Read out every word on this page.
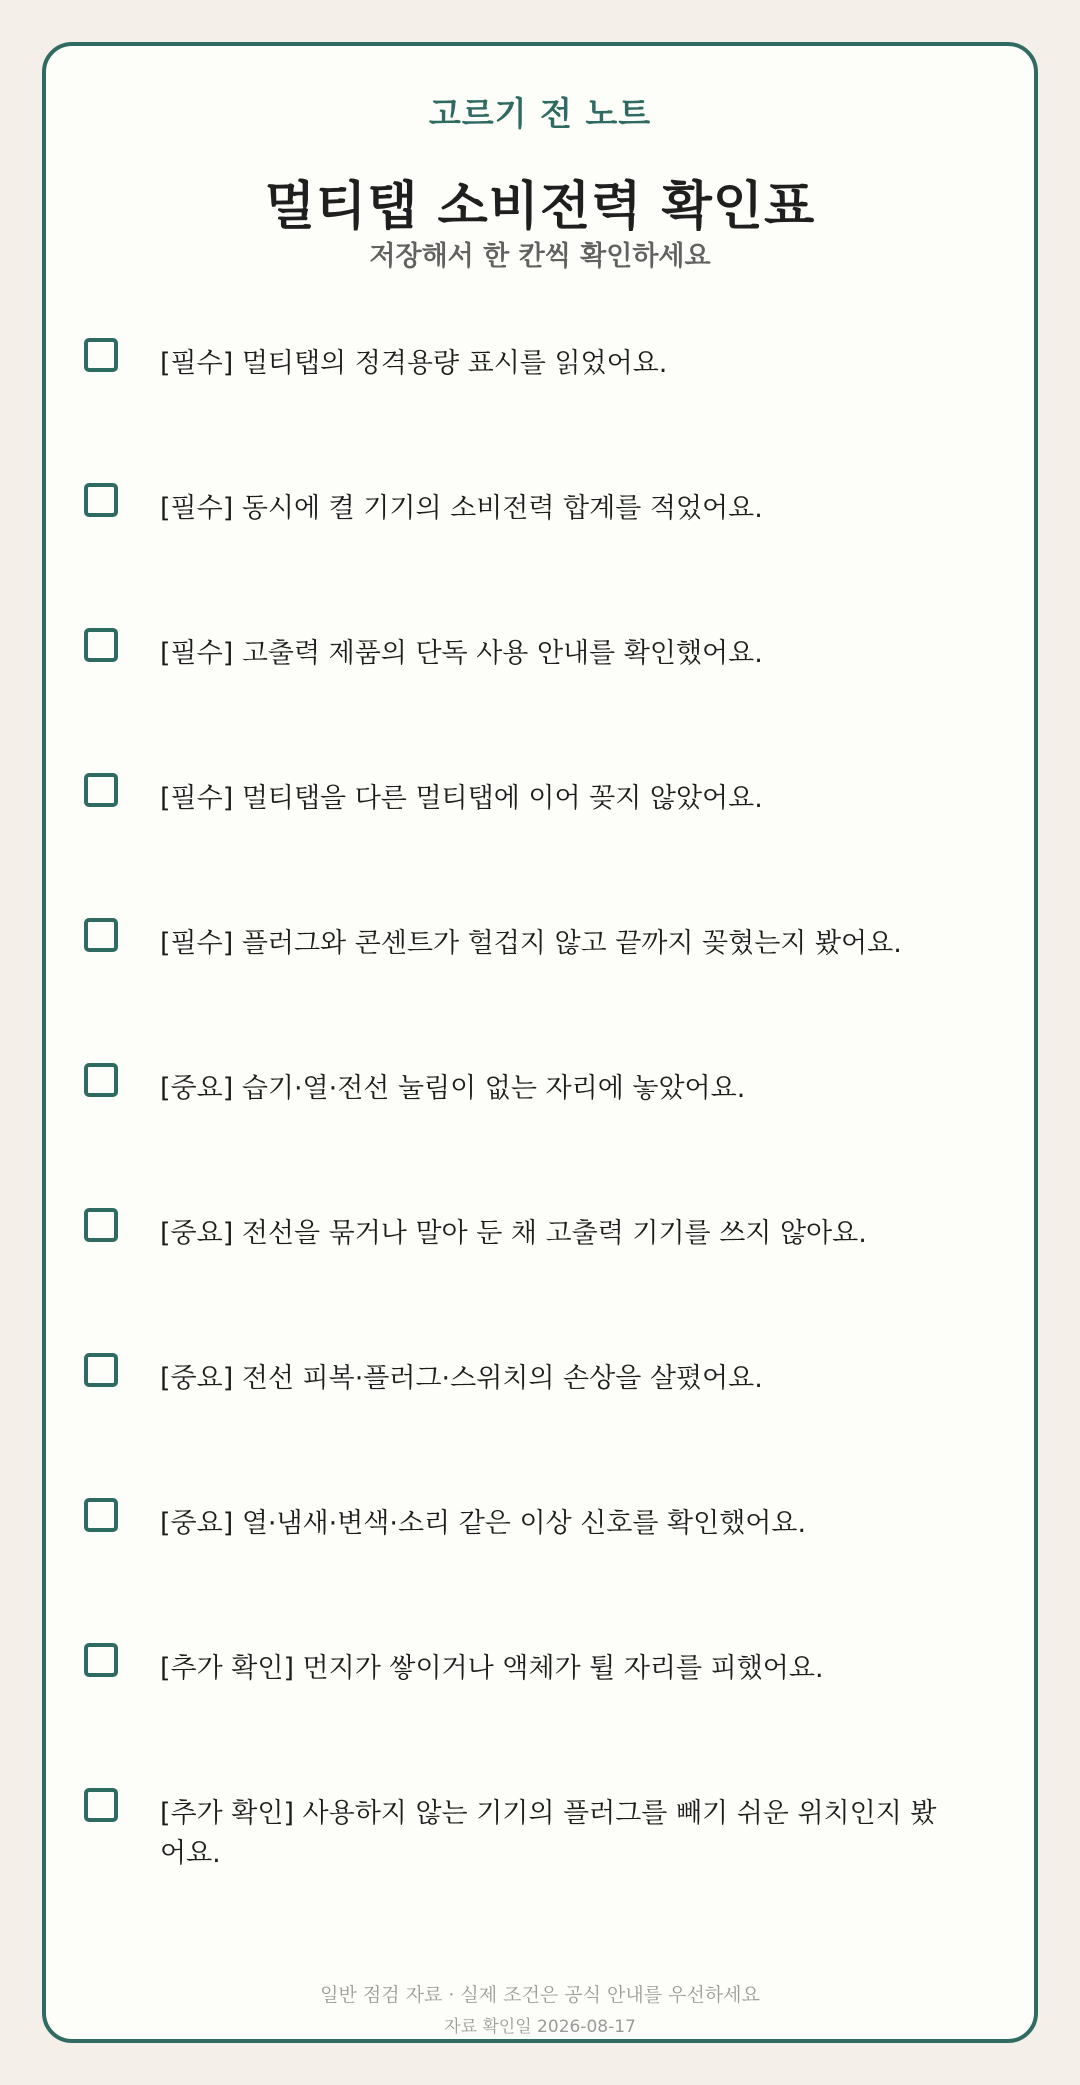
고르기 전 노트
멀티탭 소비전력 확인표
저장해서 한 칸씩 확인하세요
[필수] 멀티탭의 정격용량 표시를 읽었어요.
[필수] 동시에 켤 기기의 소비전력 합계를 적었어요.
[필수] 고출력 제품의 단독 사용 안내를 확인했어요.
[필수] 멀티탭을 다른 멀티탭에 이어 꽂지 않았어요.
[필수] 플러그와 콘센트가 헐겁지 않고 끝까지 꽂혔는지 봤어요.
[중요] 습기·열·전선 눌림이 없는 자리에 놓았어요.
[중요] 전선을 묶거나 말아 둔 채 고출력 기기를 쓰지 않아요.
[중요] 전선 피복·플러그·스위치의 손상을 살폈어요.
[중요] 열·냄새·변색·소리 같은 이상 신호를 확인했어요.
[추가 확인] 먼지가 쌓이거나 액체가 튈 자리를 피했어요.
[추가 확인] 사용하지 않는 기기의 플러그를 빼기 쉬운 위치인지 봤어요.
일반 점검 자료 · 실제 조건은 공식 안내를 우선하세요
자료 확인일 2026-08-17
